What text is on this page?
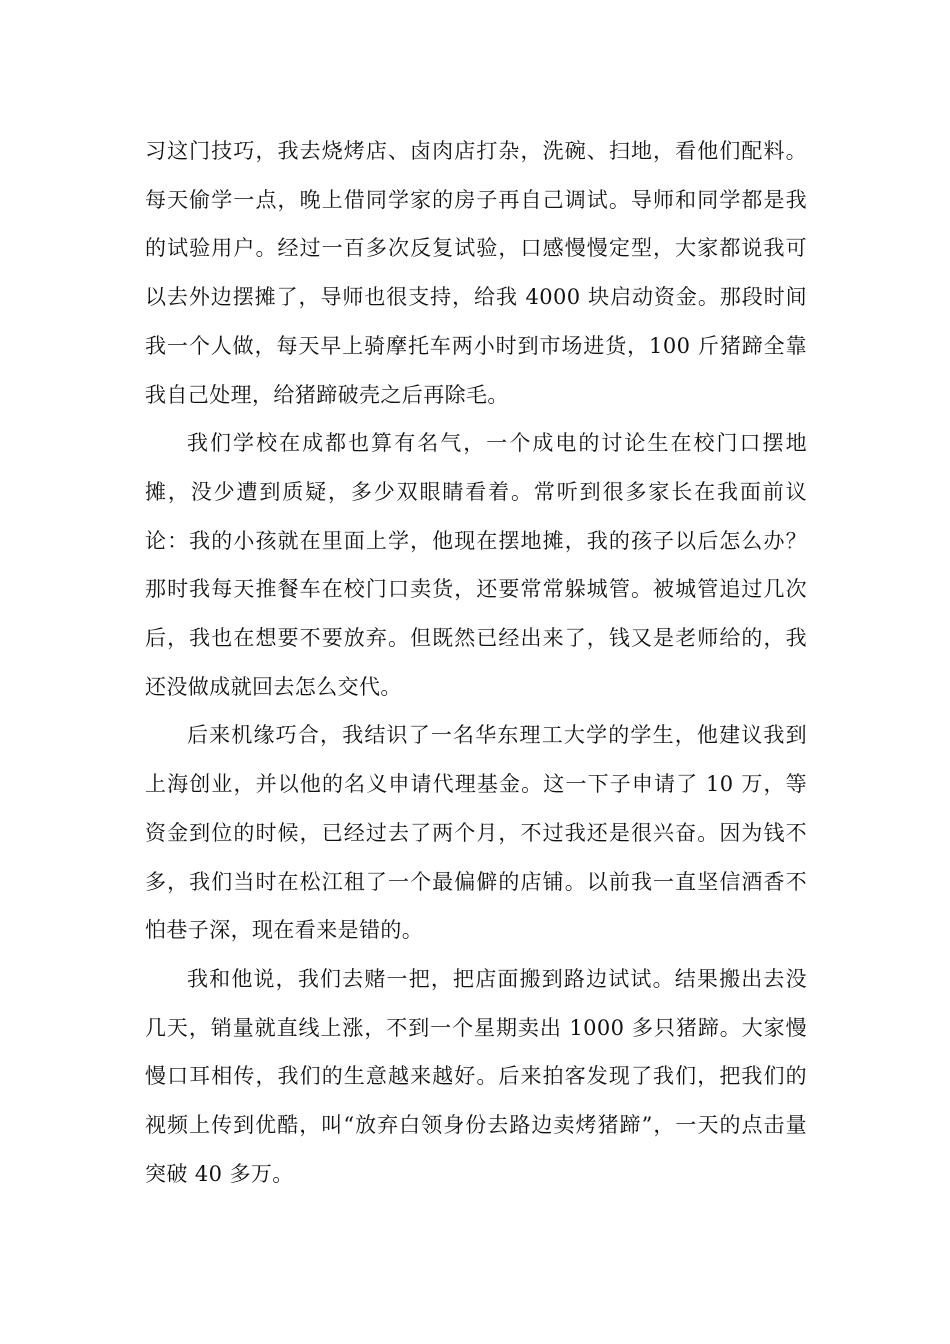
习这门技巧，我去烧烤店、卤肉店打杂，洗碗、扫地，看他们配料。每天偷学一点，晚上借同学家的房子再自己调试。导师和同学都是我的试验用户。经过一百多次反复试验，口感慢慢定型，大家都说我可以去外边摆摊了，导师也很支持，给我 4000 块启动资金。那段时间我一个人做，每天早上骑摩托车两小时到市场进货，100 斤猪蹄全靠我自己处理，给猪蹄破壳之后再除毛。

我们学校在成都也算有名气，一个成电的讨论生在校门口摆地摊，没少遭到质疑，多少双眼睛看着。常听到很多家长在我面前议论：我的小孩就在里面上学，他现在摆地摊，我的孩子以后怎么办？那时我每天推餐车在校门口卖货，还要常常躲城管。被城管追过几次后，我也在想要不要放弃。但既然已经出来了，钱又是老师给的，我还没做成就回去怎么交代。

后来机缘巧合，我结识了一名华东理工大学的学生，他建议我到上海创业，并以他的名义申请代理基金。这一下子申请了 10 万，等资金到位的时候，已经过去了两个月，不过我还是很兴奋。因为钱不多，我们当时在松江租了一个最偏僻的店铺。以前我一直坚信酒香不怕巷子深，现在看来是错的。

我和他说，我们去赌一把，把店面搬到路边试试。结果搬出去没几天，销量就直线上涨，不到一个星期卖出 1000 多只猪蹄。大家慢慢口耳相传，我们的生意越来越好。后来拍客发现了我们，把我们的视频上传到优酷，叫“放弃白领身份去路边卖烤猪蹄”，一天的点击量突破 40 多万。
